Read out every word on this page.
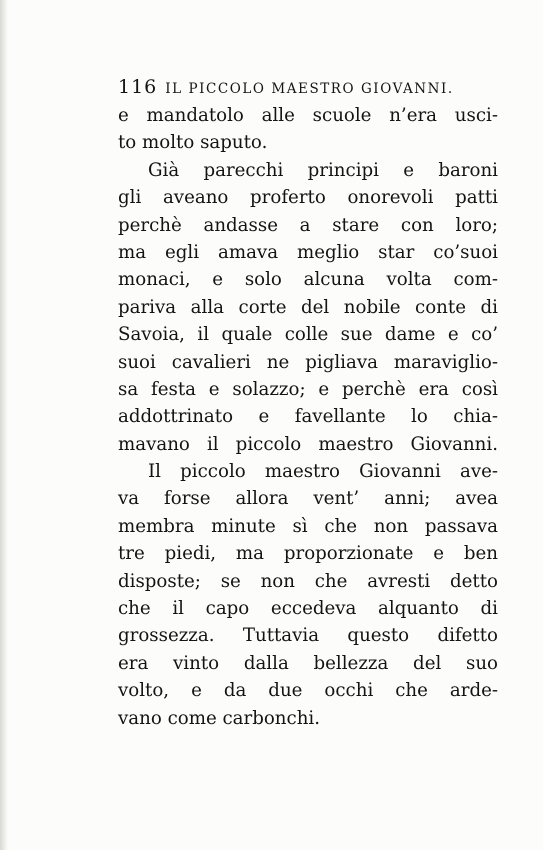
116 IL PICCOLO MAESTRO GIOVANNI.
e mandatolo alle scuole n’era usci-
to molto saputo.
Già parecchi principi e baroni
gli aveano proferto onorevoli patti
perchè andasse a stare con loro;
ma egli amava meglio star co’suoi
monaci, e solo alcuna volta com-
pariva alla corte del nobile conte di
Savoia, il quale colle sue dame e co’
suoi cavalieri ne pigliava maraviglio-
sa festa e solazzo; e perchè era così
addottrinato e favellante lo chia-
mavano il piccolo maestro Giovanni.
Il piccolo maestro Giovanni ave-
va forse allora vent’ anni; avea
membra minute sì che non passava
tre piedi, ma proporzionate e ben
disposte; se non che avresti detto
che il capo eccedeva alquanto di
grossezza. Tuttavia questo difetto
era vinto dalla bellezza del suo
volto, e da due occhi che arde-
vano come carbonchi.
